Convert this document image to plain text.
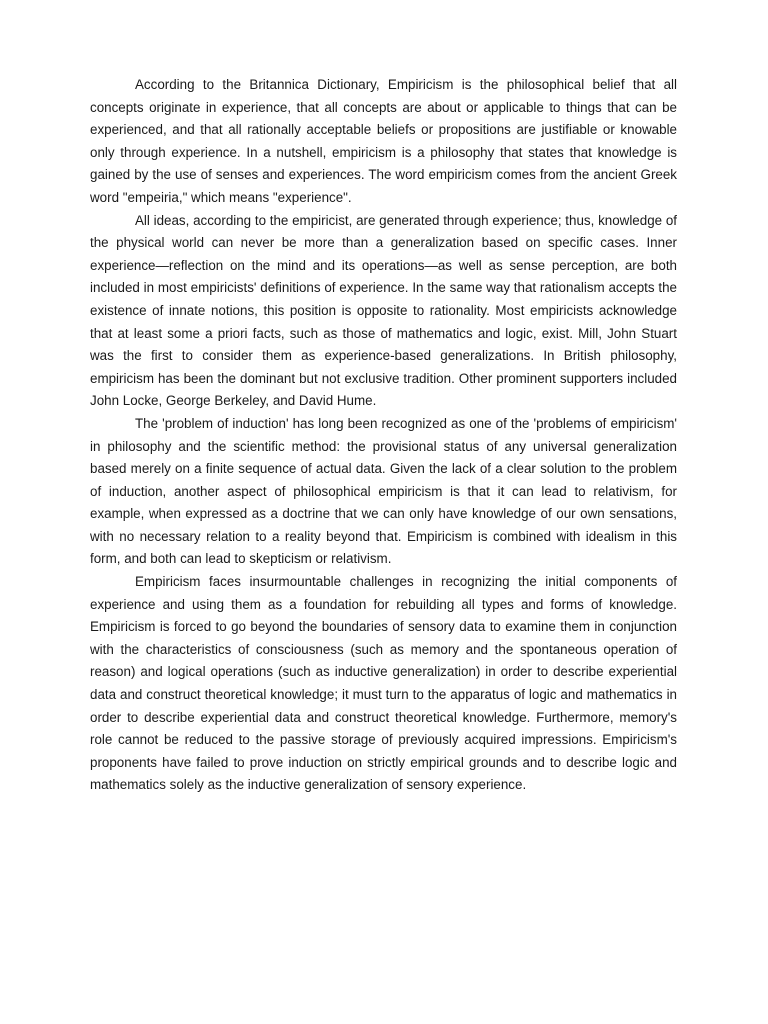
According to the Britannica Dictionary, Empiricism is the philosophical belief that all concepts originate in experience, that all concepts are about or applicable to things that can be experienced, and that all rationally acceptable beliefs or propositions are justifiable or knowable only through experience. In a nutshell, empiricism is a philosophy that states that knowledge is gained by the use of senses and experiences. The word empiricism comes from the ancient Greek word "empeiria," which means "experience".

All ideas, according to the empiricist, are generated through experience; thus, knowledge of the physical world can never be more than a generalization based on specific cases. Inner experience—reflection on the mind and its operations—as well as sense perception, are both included in most empiricists' definitions of experience. In the same way that rationalism accepts the existence of innate notions, this position is opposite to rationality. Most empiricists acknowledge that at least some a priori facts, such as those of mathematics and logic, exist. Mill, John Stuart was the first to consider them as experience-based generalizations. In British philosophy, empiricism has been the dominant but not exclusive tradition. Other prominent supporters included John Locke, George Berkeley, and David Hume.

The 'problem of induction' has long been recognized as one of the 'problems of empiricism' in philosophy and the scientific method: the provisional status of any universal generalization based merely on a finite sequence of actual data. Given the lack of a clear solution to the problem of induction, another aspect of philosophical empiricism is that it can lead to relativism, for example, when expressed as a doctrine that we can only have knowledge of our own sensations, with no necessary relation to a reality beyond that. Empiricism is combined with idealism in this form, and both can lead to skepticism or relativism.

Empiricism faces insurmountable challenges in recognizing the initial components of experience and using them as a foundation for rebuilding all types and forms of knowledge. Empiricism is forced to go beyond the boundaries of sensory data to examine them in conjunction with the characteristics of consciousness (such as memory and the spontaneous operation of reason) and logical operations (such as inductive generalization) in order to describe experiential data and construct theoretical knowledge; it must turn to the apparatus of logic and mathematics in order to describe experiential data and construct theoretical knowledge. Furthermore, memory's role cannot be reduced to the passive storage of previously acquired impressions. Empiricism's proponents have failed to prove induction on strictly empirical grounds and to describe logic and mathematics solely as the inductive generalization of sensory experience.
